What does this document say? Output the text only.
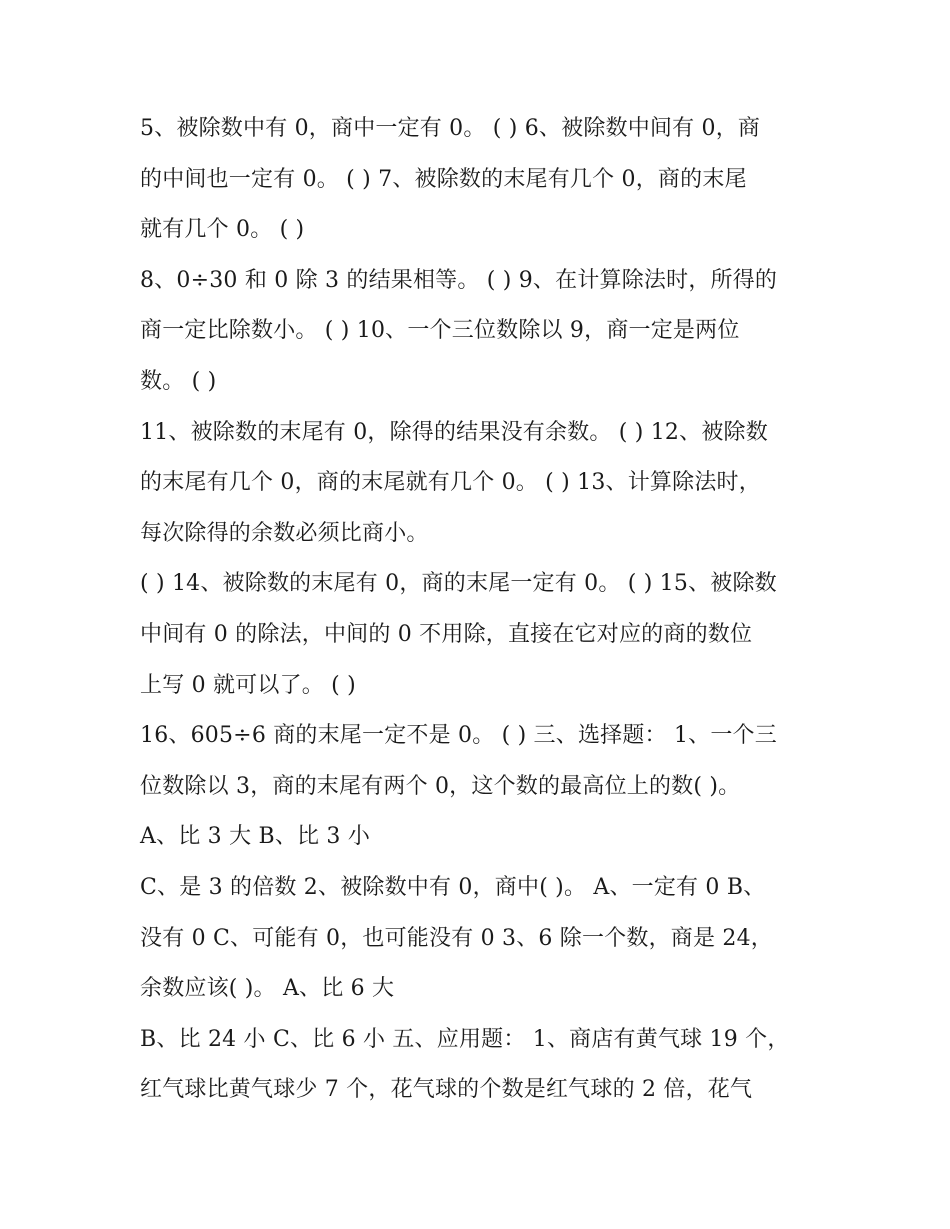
5、被除数中有 0，商中一定有 0。 ( ) 6、被除数中间有 0，商
的中间也一定有 0。 ( ) 7、被除数的末尾有几个 0，商的末尾
就有几个 0。 ( )
8、0÷30 和 0 除 3 的结果相等。 ( ) 9、在计算除法时，所得的
商一定比除数小。 ( ) 10、一个三位数除以 9，商一定是两位
数。 ( )
11、被除数的末尾有 0，除得的结果没有余数。 ( ) 12、被除数
的末尾有几个 0，商的末尾就有几个 0。 ( ) 13、计算除法时，
每次除得的余数必须比商小。
( ) 14、被除数的末尾有 0，商的末尾一定有 0。 ( ) 15、被除数
中间有 0 的除法，中间的 0 不用除，直接在它对应的商的数位
上写 0 就可以了。 ( )
16、605÷6 商的末尾一定不是 0。 ( ) 三、选择题： 1、一个三
位数除以 3，商的末尾有两个 0，这个数的最高位上的数( )。
A、比 3 大 B、比 3 小
C、是 3 的倍数 2、被除数中有 0，商中( )。 A、一定有 0 B、
没有 0 C、可能有 0，也可能没有 0 3、6 除一个数，商是 24，
余数应该( )。 A、比 6 大
B、比 24 小 C、比 6 小 五、应用题： 1、商店有黄气球 19 个，
红气球比黄气球少 7 个，花气球的个数是红气球的 2 倍，花气
